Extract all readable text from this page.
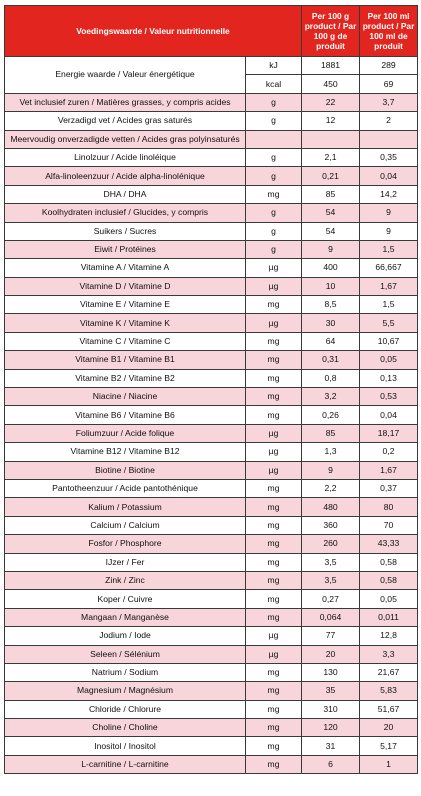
Voedingswaarde / Valeur nutritionnelle		Per 100 g product / Par 100 g de produit	Per 100 ml product / Par 100 ml de produit
Energie waarde / Valeur énergétique	kJ	1881	289
	kcal	450	69
Vet inclusief zuren / Matières grasses, y compris acides	g	22	3,7
Verzadigd vet / Acides gras saturés	g	12	2
Meervoudig onverzadigde vetten / Acides gras polyinsaturés			
Linolzuur / Acide linoléique	g	2,1	0,35
Alfa-linoleenzuur / Acide alpha-linolénique	g	0,21	0,04
DHA / DHA	mg	85	14,2
Koolhydraten inclusief / Glucides, y compris	g	54	9
Suikers / Sucres	g	54	9
Eiwit / Protéines	g	9	1,5
Vitamine A / Vitamine A	µg	400	66,667
Vitamine D / Vitamine D	µg	10	1,67
Vitamine E / Vitamine E	mg	8,5	1,5
Vitamine K / Vitamine K	µg	30	5,5
Vitamine C / Vitamine C	mg	64	10,67
Vitamine B1 / Vitamine B1	mg	0,31	0,05
Vitamine B2 / Vitamine B2	mg	0,8	0,13
Niacine / Niacine	mg	3,2	0,53
Vitamine B6 / Vitamine B6	mg	0,26	0,04
Foliumzuur / Acide folique	µg	85	18,17
Vitamine B12 / Vitamine B12	µg	1,3	0,2
Biotine / Biotine	µg	9	1,67
Pantotheenzuur / Acide pantothénique	mg	2,2	0,37
Kalium / Potassium	mg	480	80
Calcium / Calcium	mg	360	70
Fosfor / Phosphore	mg	260	43,33
IJzer / Fer	mg	3,5	0,58
Zink / Zinc	mg	3,5	0,58
Koper / Cuivre	mg	0,27	0,05
Mangaan / Manganèse	mg	0,064	0,011
Jodium / Iode	µg	77	12,8
Seleen / Sélénium	µg	20	3,3
Natrium / Sodium	mg	130	21,67
Magnesium / Magnésium	mg	35	5,83
Chloride / Chlorure	mg	310	51,67
Choline / Choline	mg	120	20
Inositol / Inositol	mg	31	5,17
L-carnitine / L-carnitine	mg	6	1
